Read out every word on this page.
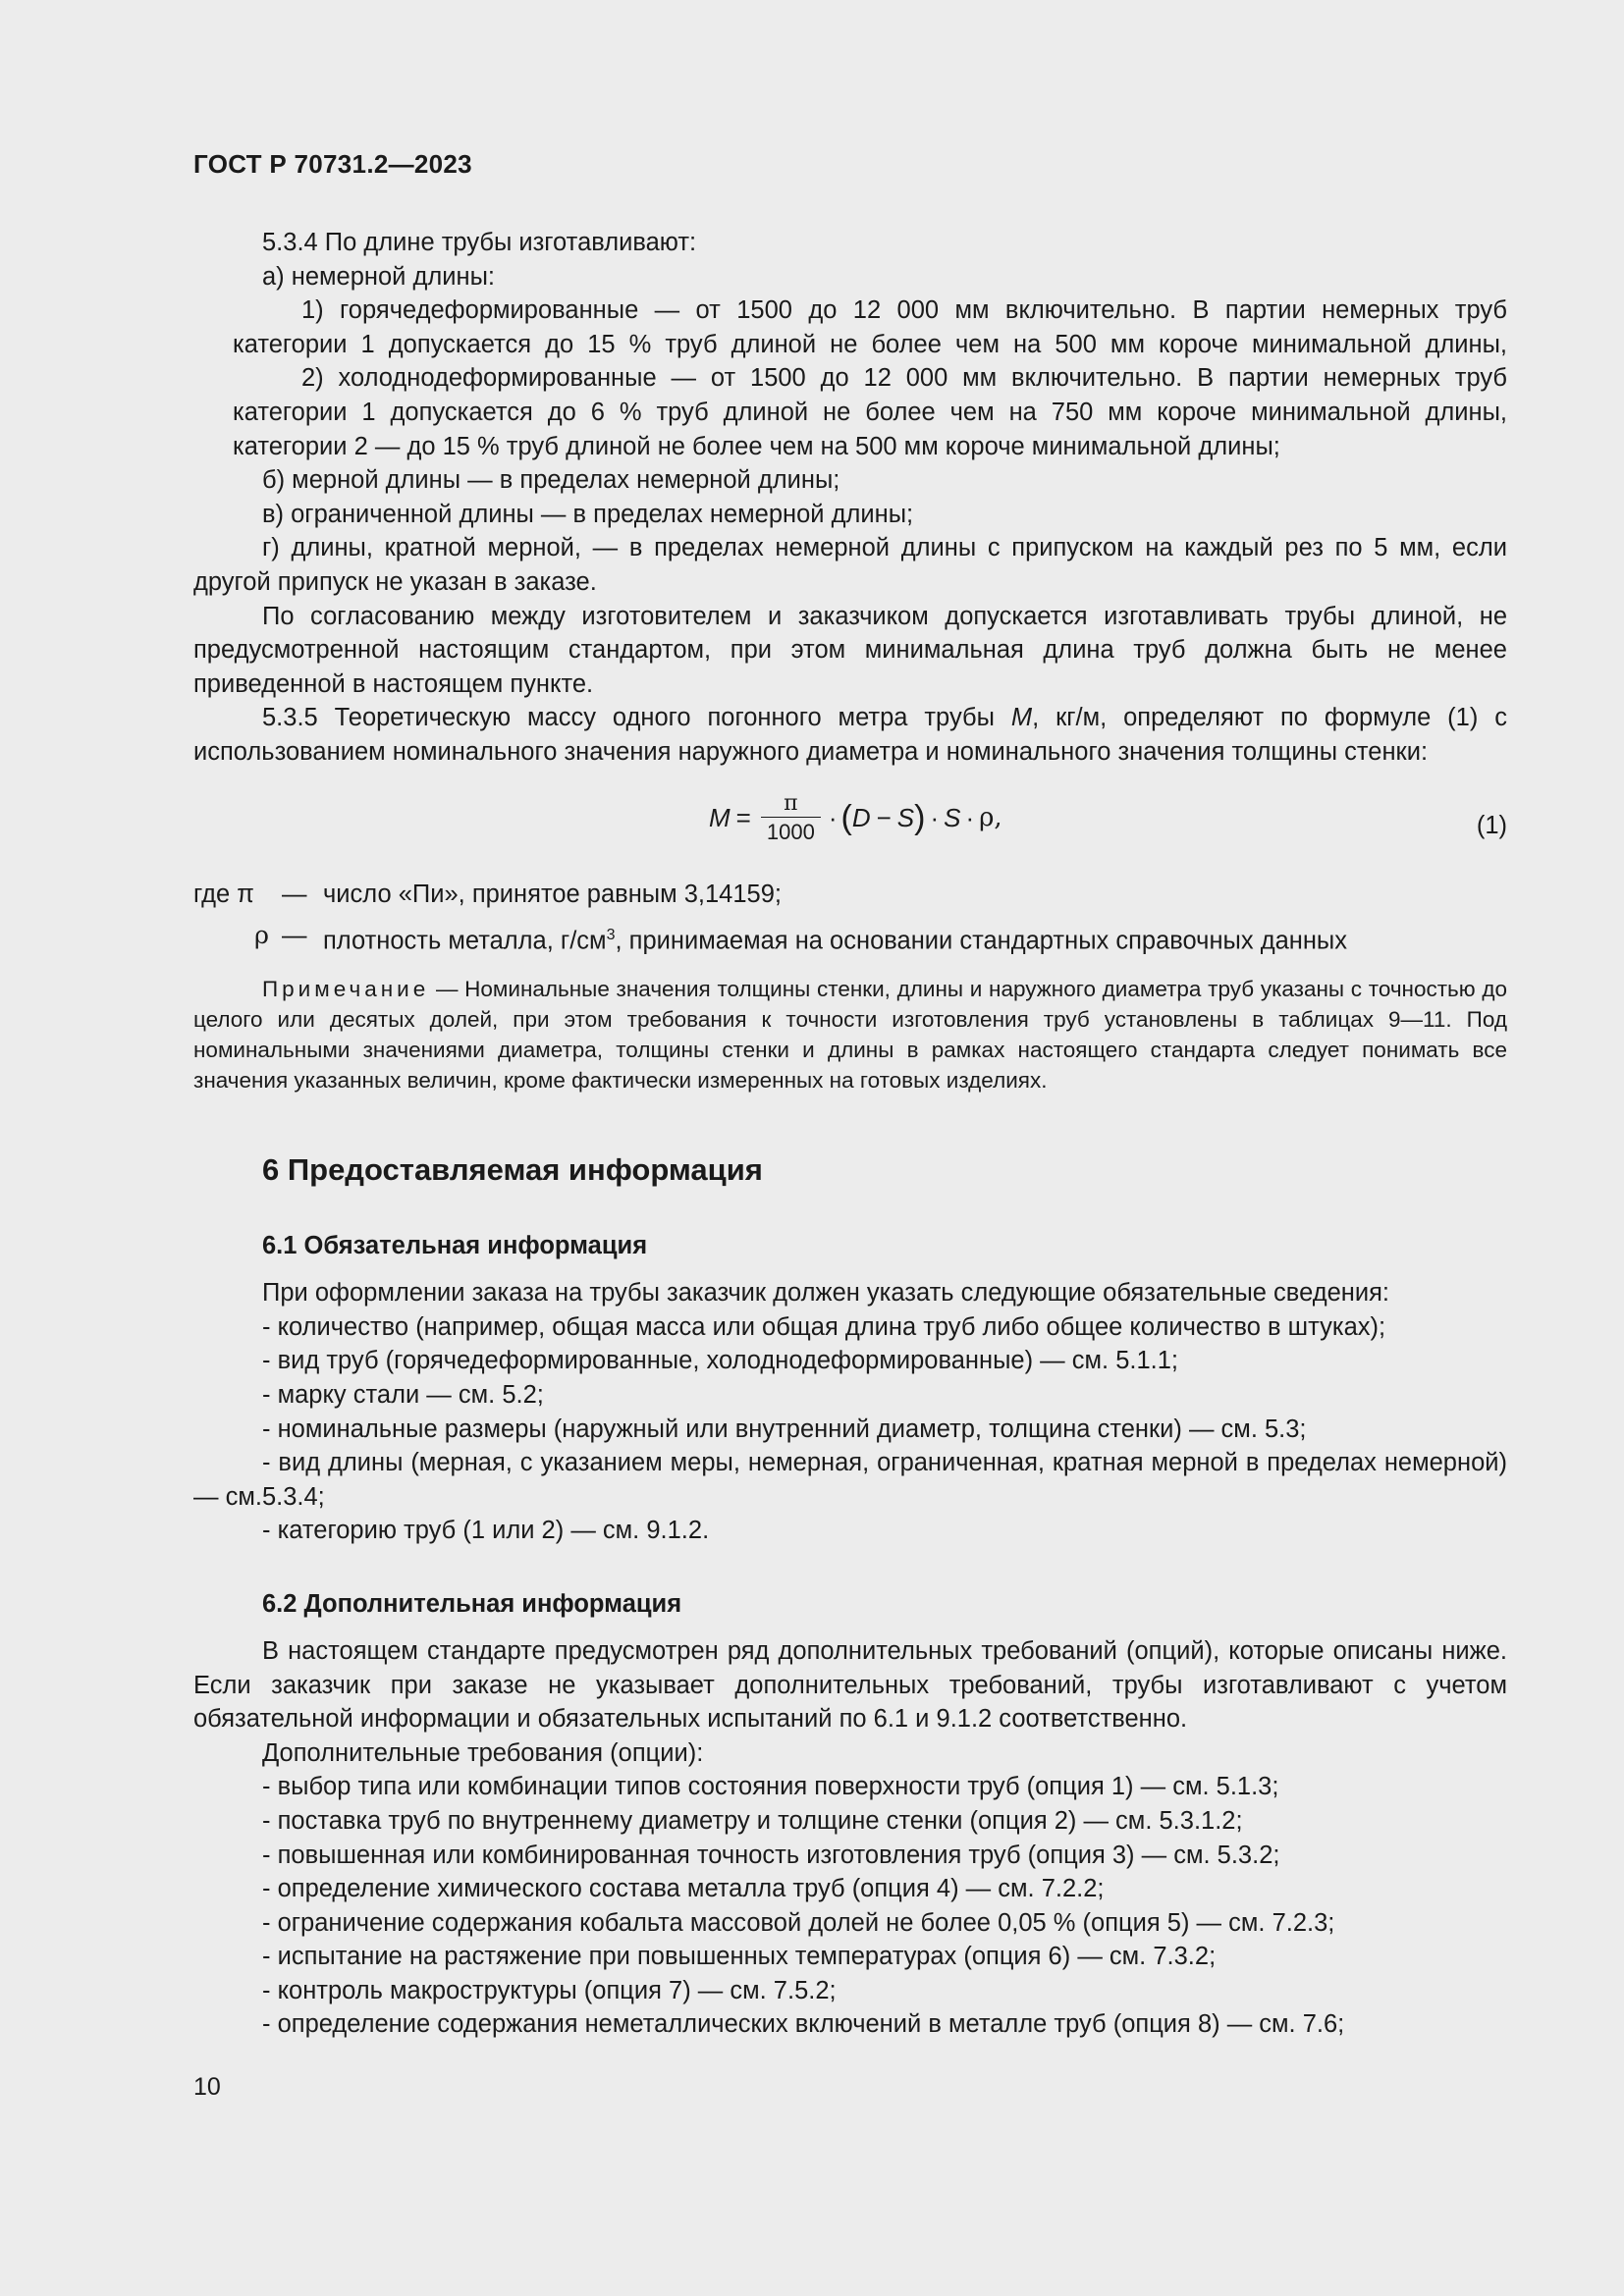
ГОСТ Р 70731.2—2023

5.3.4 По длине трубы изготавливают:

а) немерной длины:

1) горячедеформированные — от 1500 до 12 000 мм включительно. В партии немерных труб

категории 1 допускается до 15 % труб длиной не более чем на 500 мм короче минимальной длины,

2) холоднодеформированные — от 1500 до 12 000 мм включительно. В партии немерных труб

категории 1 допускается до 6 % труб длиной не более чем на 750 мм короче минимальной длины,

категории 2 — до 15 % труб длиной не более чем на 500 мм короче минимальной длины;

б) мерной длины — в пределах немерной длины;

в) ограниченной длины — в пределах немерной длины;

г) длины, кратной мерной, — в пределах немерной длины с припуском на каждый рез по 5 мм, если другой припуск не указан в заказе.

По согласованию между изготовителем и заказчиком допускается изготавливать трубы длиной, не предусмотренной настоящим стандартом, при этом минимальная длина труб должна быть не менее приведенной в настоящем пункте.

5.3.5 Теоретическую массу одного погонного метра трубы M, кг/м, определяют по формуле (1) с использованием номинального значения наружного диаметра и номинального значения толщины стенки:

$M = \frac{\pi}{1000}$ · ( D − S ) · S · ρ,	(1)
где π	— число «Пи», принятое равным 3,14159;
ρ — плотность металла, $г/см^3$, принимаемая на основании стандартных справочных данных

Примечание — Номинальные значения толщины стенки, длины и наружного диаметра труб указаны с точностью до целого или десятых долей, при этом требования к точности изготовления труб установлены в таблицах 9—11. Под номинальными значениями диаметра, толщины стенки и длины в рамках настоящего стандарта следует понимать все значения указанных величин, кроме фактически измеренных на готовых изделиях.

6 Предоставляемая информация
6.1 Обязательная информация

При оформлении заказа на трубы заказчик должен указать следующие обязательные сведения:

- количество (например, общая масса или общая длина труб либо общее количество в штуках);

- вид труб (горячедеформированные, холоднодеформированные) — см. 5.1.1;

- марку стали — см. 5.2;

- номинальные размеры (наружный или внутренний диаметр, толщина стенки) — см. 5.3;

- вид длины (мерная, с указанием меры, немерная, ограниченная, кратная мерной в пределах немерной) — см.5.3.4;

- категорию труб (1 или 2) — см. 9.1.2.

6.2 Дополнительная информация

В настоящем стандарте предусмотрен ряд дополнительных требований (опций), которые описаны ниже. Если заказчик при заказе не указывает дополнительных требований, трубы изготавливают с учетом обязательной информации и обязательных испытаний по 6.1 и 9.1.2 соответственно.

Дополнительные требования (опции):

- выбор типа или комбинации типов состояния поверхности труб (опция 1) — см. 5.1.3;

- поставка труб по внутреннему диаметру и толщине стенки (опция 2) — см. 5.3.1.2;

- повышенная или комбинированная точность изготовления труб (опция 3) — см. 5.3.2;

- определение химического состава металла труб (опция 4) — см. 7.2.2;

- ограничение содержания кобальта массовой долей не более 0,05 % (опция 5) — см. 7.2.3;

- испытание на растяжение при повышенных температурах (опция 6) — см. 7.3.2;

- контроль макроструктуры (опция 7) — см. 7.5.2;

- определение содержания неметаллических включений в металле труб (опция 8) — см. 7.6;

10
